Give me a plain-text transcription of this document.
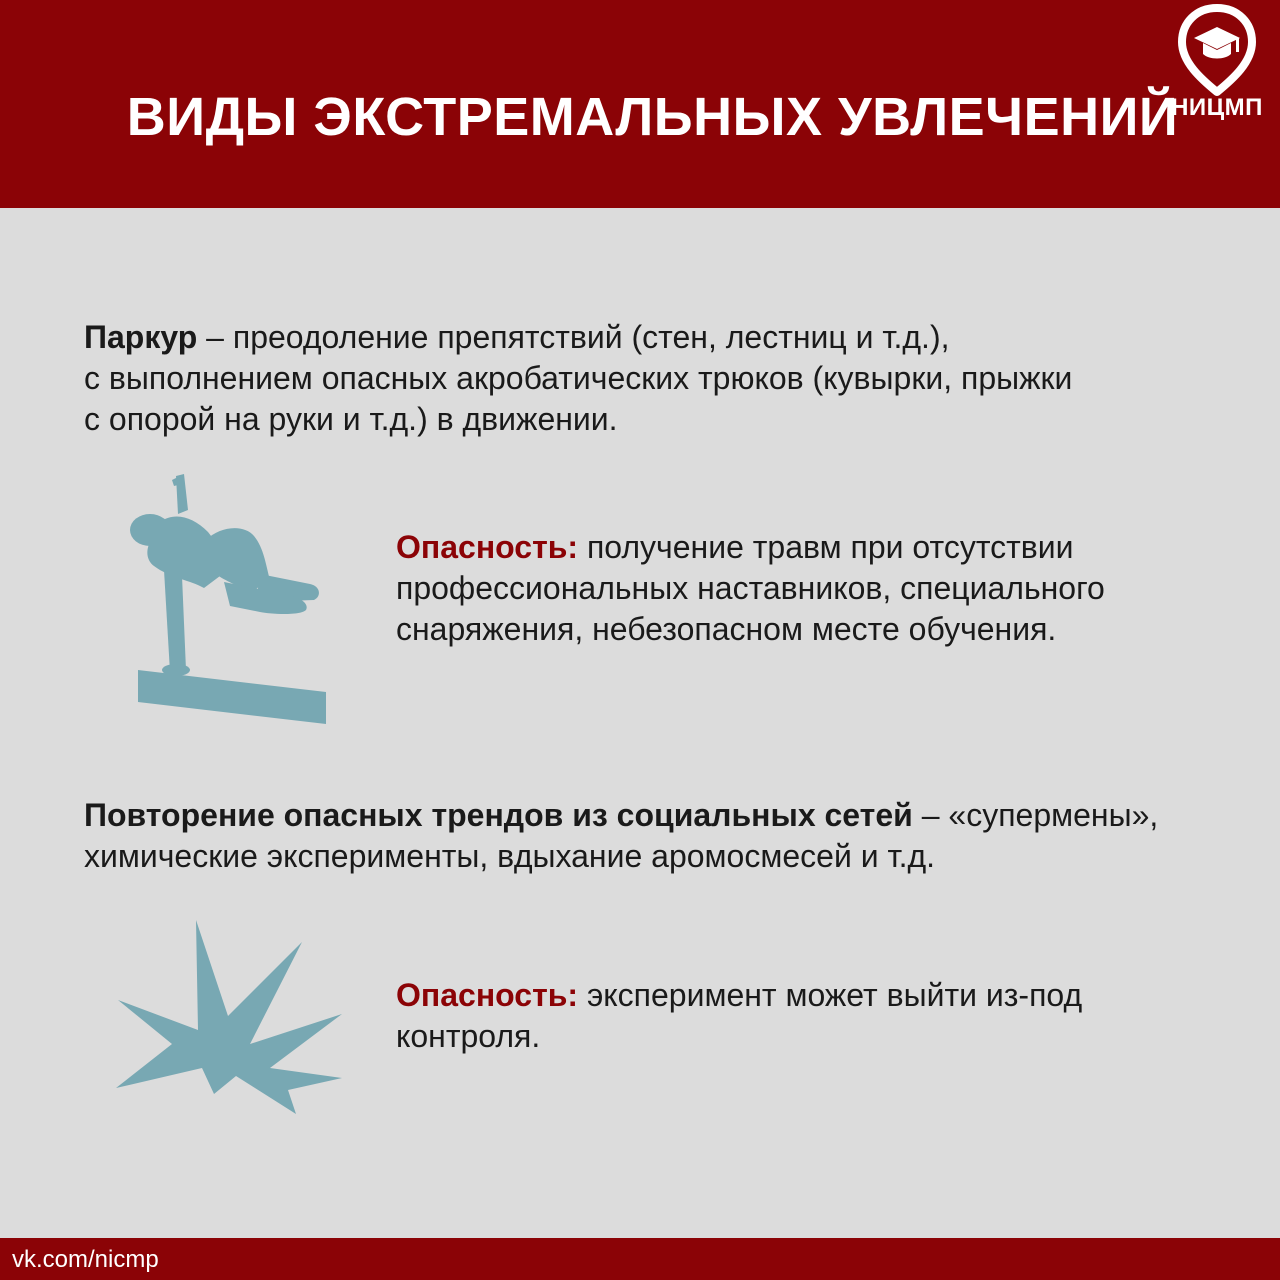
ВИДЫ ЭКСТРЕМАЛЬНЫХ УВЛЕЧЕНИЙ
НИЦМП
Паркур – преодоление препятствий (стен, лестниц и т.д.),
с выполнением опасных акробатических трюков (кувырки, прыжки
с опорой на руки и т.д.) в движении.
Опасность: получение травм при отсутствии
профессиональных наставников, специального
снаряжения, небезопасном месте обучения.
Повторение опасных трендов из социальных сетей – «супермены»,
химические эксперименты, вдыхание аромосмесей и т.д.
Опасность: эксперимент может выйти из-под
контроля.
vk.com/nicmp
